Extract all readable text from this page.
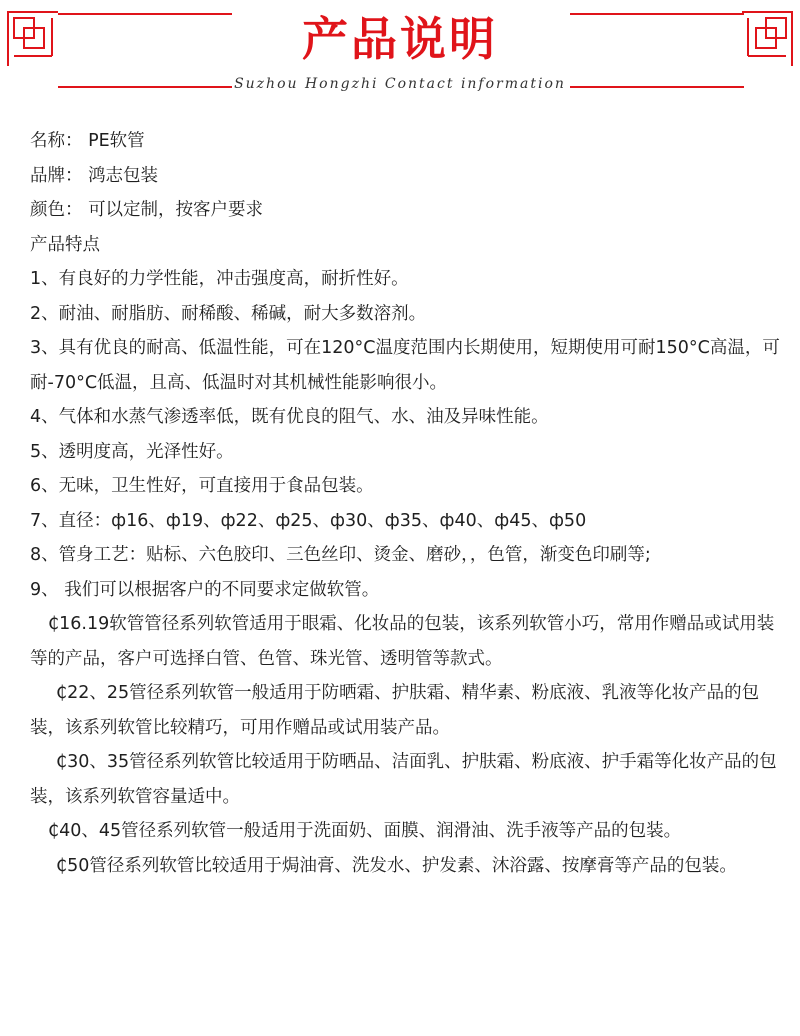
产品说明
Suzhou Hongzhi Contact information

名称： PE软管

品牌： 鸿志包装

颜色： 可以定制，按客户要求

产品特点

1、有良好的力学性能，冲击强度高，耐折性好。

2、耐油、耐脂肪、耐稀酸、稀碱，耐大多数溶剂。

3、具有优良的耐高、低温性能，可在120°C温度范围内长期使用，短期使用可耐150°C高温，可耐-70°C低温，且高、低温时对其机械性能影响很小。

4、气体和水蒸气渗透率低，既有优良的阻气、水、油及异味性能。

5、透明度高，光泽性好。

6、无味，卫生性好，可直接用于食品包装。

7、直径：ф16、ф19、ф22、ф25、ф30、ф35、ф40、ф45、ф50

8、管身工艺：贴标、六色胶印、三色丝印、烫金、磨砂，，色管，渐变色印刷等;

9、 我们可以根据客户的不同要求定做软管。

₵16.19软管管径系列软管适用于眼霜、化妆品的包装，该系列软管小巧，常用作赠品或试用装等的产品，客户可选择白管、色管、珠光管、透明管等款式。

₵22、25管径系列软管一般适用于防晒霜、护肤霜、精华素、粉底液、乳液等化妆产品的包装，该系列软管比较精巧，可用作赠品或试用装产品。

₵30、35管径系列软管比较适用于防晒品、洁面乳、护肤霜、粉底液、护手霜等化妆产品的包装，该系列软管容量适中。

₵40、45管径系列软管一般适用于洗面奶、面膜、润滑油、洗手液等产品的包装。

₵50管径系列软管比较适用于焗油膏、洗发水、护发素、沐浴露、按摩膏等产品的包装。
